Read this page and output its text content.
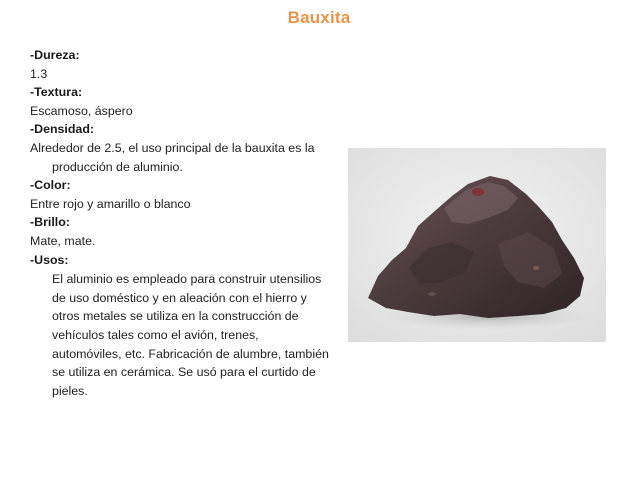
Bauxita
-Dureza:
1.3
-Textura:
Escamoso, áspero
-Densidad:
Alrededor de 2.5, el uso principal de la bauxita es la producción de aluminio.
-Color:
Entre rojo y amarillo o blanco
-Brillo:
Mate, mate.
-Usos:
El aluminio es empleado para construir utensilios de uso doméstico y en aleación con el hierro y otros metales se utiliza en la construcción de vehículos tales como el avión, trenes, automóviles, etc. Fabricación de alumbre, también se utiliza en cerámica. Se usó para el curtido de pieles.
